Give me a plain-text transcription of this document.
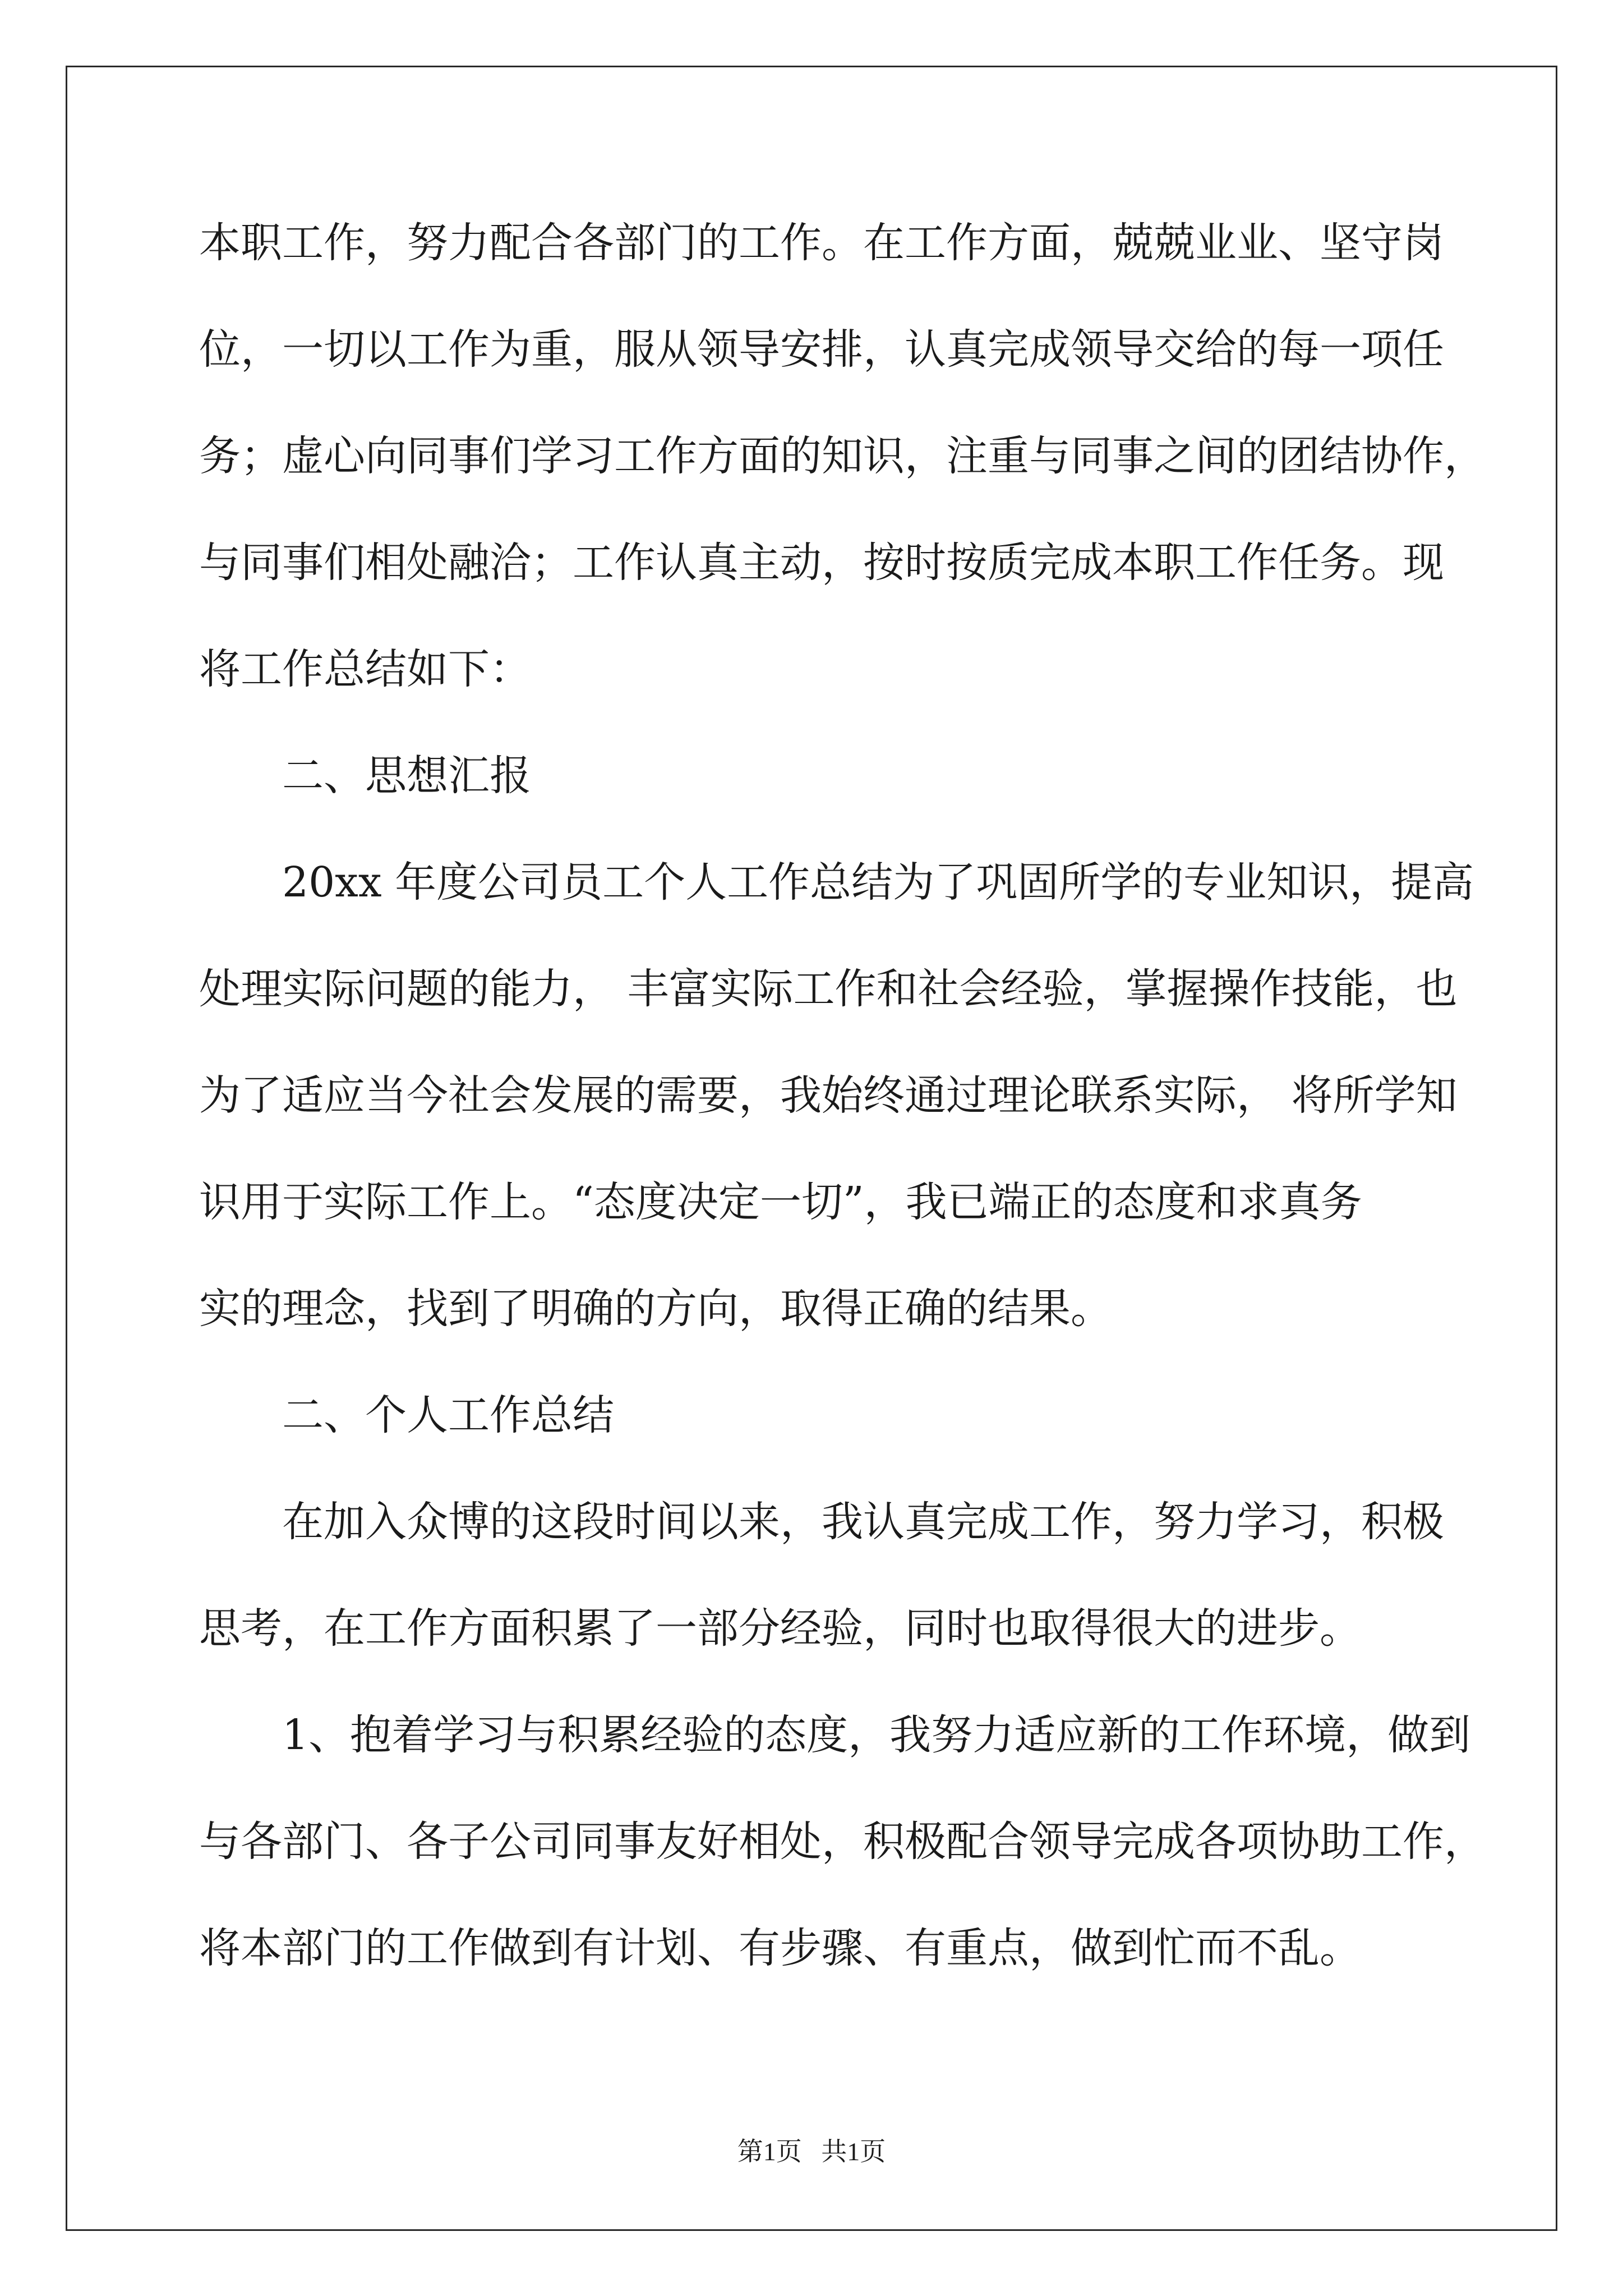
本职工作，努力配合各部门的工作。在工作方面，兢兢业业、坚守岗
位，一切以工作为重，服从领导安排，认真完成领导交给的每一项任
务；虚心向同事们学习工作方面的知识，注重与同事之间的团结协作，
与同事们相处融洽；工作认真主动，按时按质完成本职工作任务。现
将工作总结如下：
二、思想汇报
20xx 年度公司员工个人工作总结为了巩固所学的专业知识，提高
处理实际问题的能力， 丰富实际工作和社会经验，掌握操作技能，也
为了适应当今社会发展的需要，我始终通过理论联系实际， 将所学知
识用于实际工作上。“态度决定一切”，我已端正的态度和求真务
实的理念，找到了明确的方向，取得正确的结果。
二、个人工作总结
在加入众博的这段时间以来，我认真完成工作，努力学习，积极
思考，在工作方面积累了一部分经验，同时也取得很大的进步。
1、抱着学习与积累经验的态度，我努力适应新的工作环境，做到
与各部门、各子公司同事友好相处，积极配合领导完成各项协助工作，
将本部门的工作做到有计划、有步骤、有重点，做到忙而不乱。
第1页   共1页
